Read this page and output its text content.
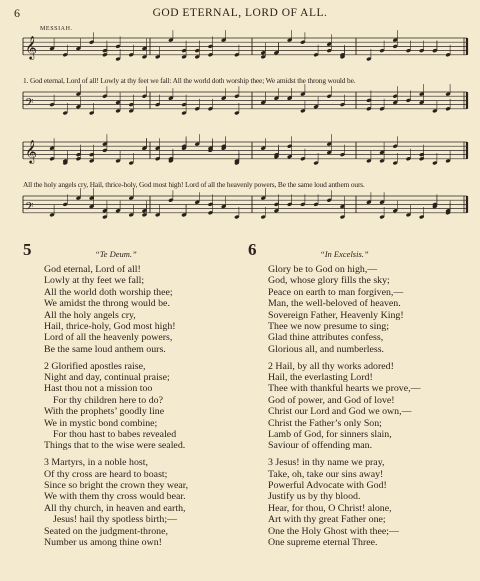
6	GOD ETERNAL, LORD OF ALL.
MESSIAH.
𝄞
𝄢
𝄞
𝄢
1. God eternal, Lord of all! Lowly at thy feet we fall: All the world doth worship thee; We amidst the throng would be.
All the holy angels cry, Hail, thrice-holy, God most high! Lord of all the heavenly powers, Be the same loud anthem ours.
5	“Te Deum.”
God eternal, Lord of all!
Lowly at thy feet we fall;
All the world doth worship thee;
We amidst the throng would be.
All the holy angels cry,
Hail, thrice-holy, God most high!
Lord of all the heavenly powers,
Be the same loud anthem ours.
2 Glorified apostles raise,
Night and day, continual praise;
Hast thou not a mission too
For thy children here to do?
With the prophets’ goodly line
We in mystic bond combine;
For thou hast to babes revealed
Things that to the wise were sealed.
3 Martyrs, in a noble host,
Of thy cross are heard to boast;
Since so bright the crown they wear,
We with them thy cross would bear.
All thy church, in heaven and earth,
Jesus! hail thy spotless birth;—
Seated on the judgment-throne,
Number us among thine own!
6	“In Excelsis.”
Glory be to God on high,—
God, whose glory fills the sky;
Peace on earth to man forgiven,—
Man, the well-beloved of heaven.
Sovereign Father, Heavenly King!
Thee we now presume to sing;
Glad thine attributes confess,
Glorious all, and numberless.
2 Hail, by all thy works adored!
Hail, the everlasting Lord!
Thee with thankful hearts we prove,—
God of power, and God of love!
Christ our Lord and God we own,—
Christ the Father’s only Son;
Lamb of God, for sinners slain,
Saviour of offending man.
3 Jesus! in thy name we pray,
Take, oh, take our sins away!
Powerful Advocate with God!
Justify us by thy blood.
Hear, for thou, O Christ! alone,
Art with thy great Father one;
One the Holy Ghost with thee;—
One supreme eternal Three.
